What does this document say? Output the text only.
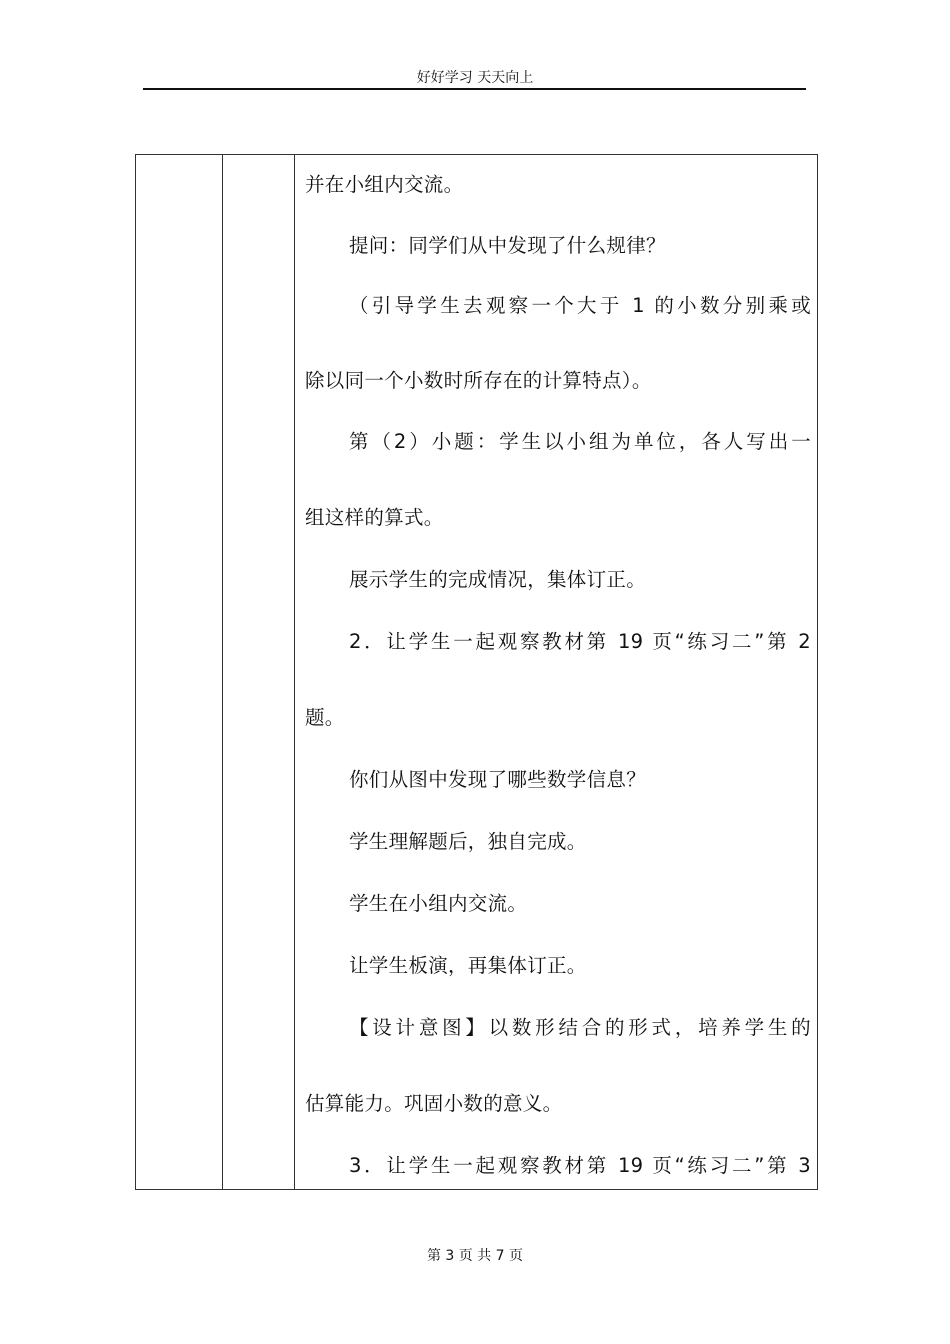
好好学习 天天向上
并在小组内交流。
提问：同学们从中发现了什么规律？
（引导学生去观察一个大于 1 的小数分别乘或
除以同一个小数时所存在的计算特点）。
第（2）小题：学生以小组为单位，各人写出一
组这样的算式。
展示学生的完成情况，集体订正。
2．让学生一起观察教材第 19 页“练习二”第 2
题。
你们从图中发现了哪些数学信息？
学生理解题后，独自完成。
学生在小组内交流。
让学生板演，再集体订正。
【设计意图】以数形结合的形式，培养学生的
估算能力。巩固小数的意义。
3．让学生一起观察教材第 19 页“练习二”第 3
第 3 页 共 7 页
